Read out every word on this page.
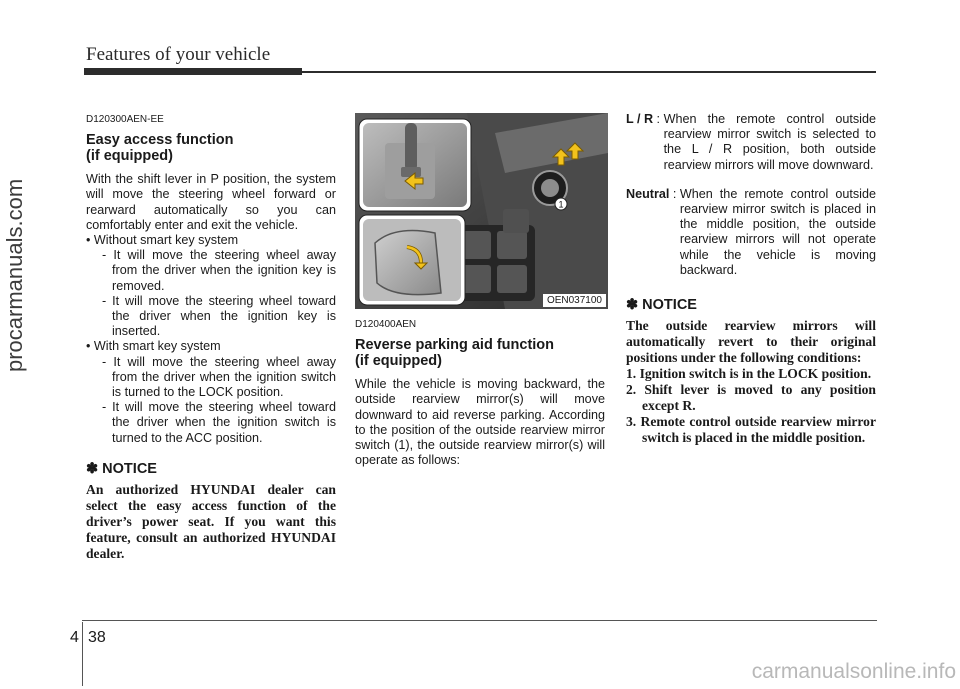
Features of your vehicle
procarmanuals.com
D120300AEN-EE
Easy access function
(if equipped)

With the shift lever in P position, the system will move the steering wheel forward or rearward automatically so you can comfortably enter and exit the vehicle.

• Without smart key system

- It will move the steering wheel away from the driver when the ignition key is removed.

- It will move the steering wheel toward the driver when the ignition key is inserted.

• With smart key system

- It will move the steering wheel away from the driver when the ignition switch is turned to the LOCK position.

- It will move the steering wheel toward the driver when the ignition switch is turned to the ACC position.

✽ NOTICE

An authorized HYUNDAI dealer can select the easy access function of the driver’s power seat. If you want this feature, consult an authorized HYUNDAI dealer.

1
OEN037100
D120400AEN
Reverse parking aid function
(if equipped)

While the vehicle is moving backward, the outside rearview mirror(s) will move downward to aid reverse parking. According to the position of the outside rearview mirror switch (1), the outside rearview mirror(s) will operate as follows:

L / R : When the remote control outside rearview mirror switch is selected to the L / R position, both outside rearview mirrors will move downward.
Neutral : When the remote control outside rearview mirror switch is placed in the middle position, the outside rearview mirrors will not operate while the vehicle is moving backward.
✽ NOTICE

The outside rearview mirrors will automatically revert to their original positions under the following conditions:

1. Ignition switch is in the LOCK position.

2. Shift lever is moved to any position except R.

3. Remote control outside rearview mirror switch is placed in the middle position.

4 38
carmanualsonline.info
